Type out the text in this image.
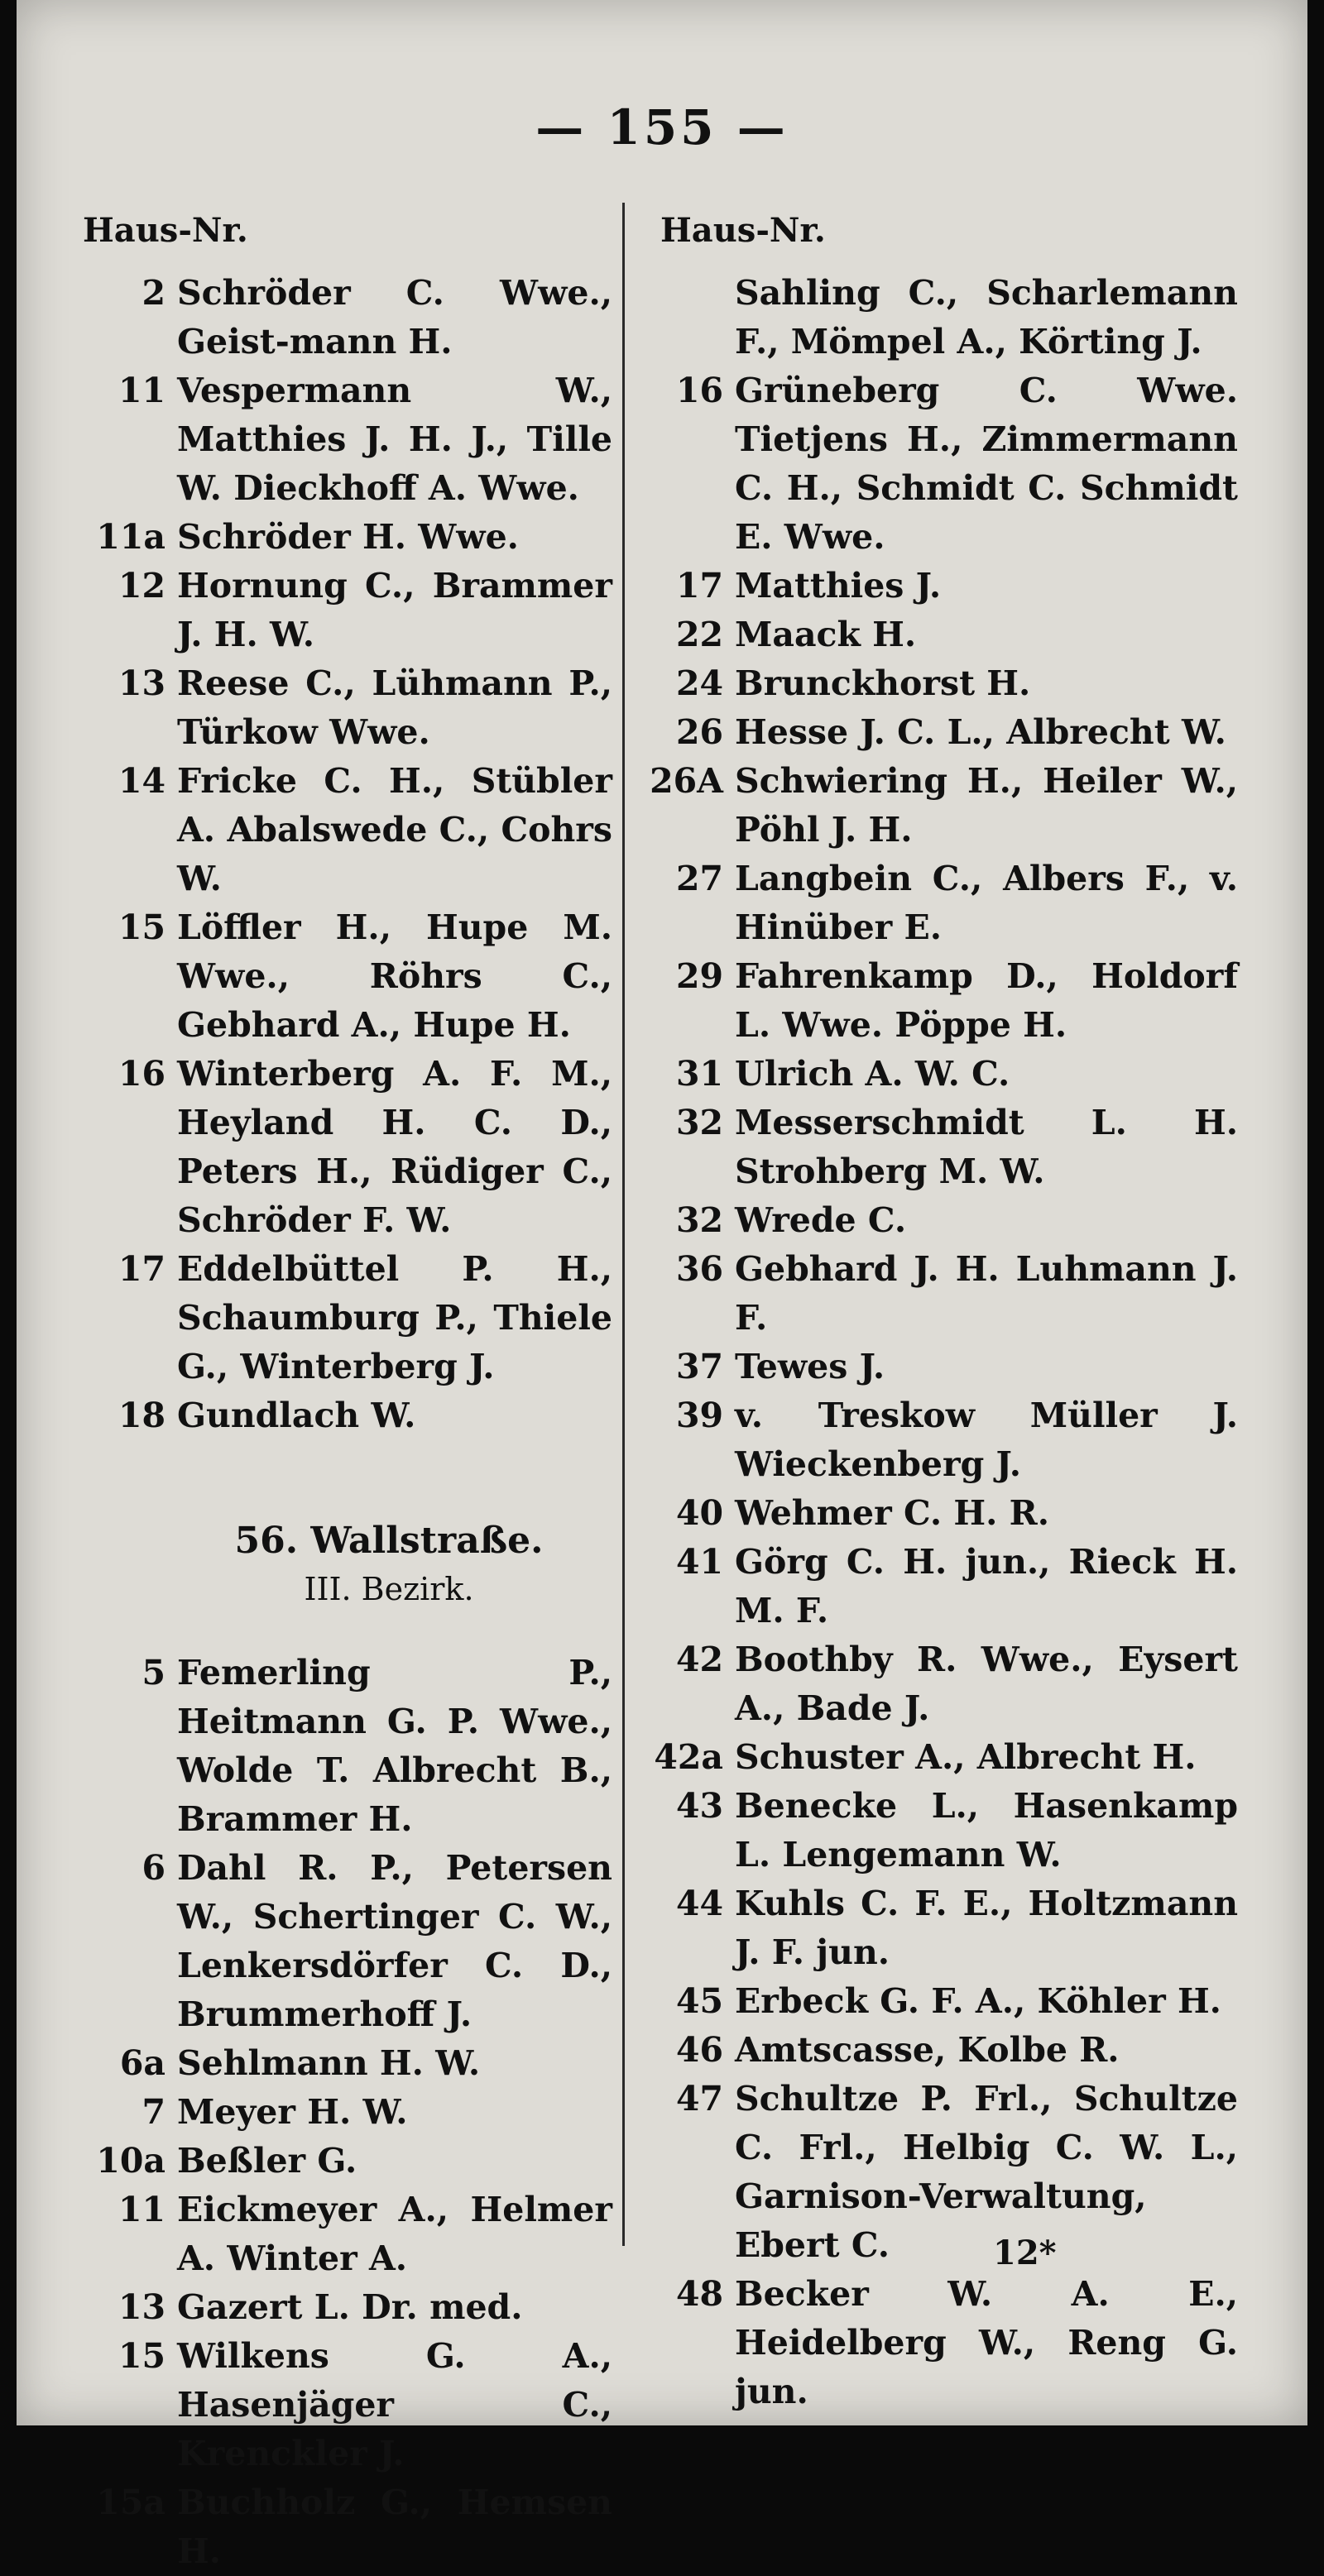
— 155 —
Haus-Nr.	Haus-Nr.
2 Schröder C. Wwe., Geist-mann H.
11 Vespermann W., Matthies J. H. J., Tille W. Dieckhoff A. Wwe.
11a Schröder H. Wwe.
12 Hornung C., Brammer J. H. W.
13 Reese C., Lühmann P., Türkow Wwe.
14 Fricke C. H., Stübler A. Abalswede C., Cohrs W.
15 Löffler H., Hupe M. Wwe., Röhrs C., Gebhard A., Hupe H.
16 Winterberg A. F. M., Heyland H. C. D., Peters H., Rüdiger C., Schröder F. W.
17 Eddelbüttel P. H., Schaumburg P., Thiele G., Winterberg J.
18 Gundlach W.
56. Wallstraße.
III. Bezirk.
5 Femerling P., Heitmann G. P. Wwe., Wolde T. Albrecht B., Brammer H.
6 Dahl R. P., Petersen W., Schertinger C. W., Lenkersdörfer C. D., Brummerhoff J.
6a Sehlmann H. W.
7 Meyer H. W.
10a Beßler G.
11 Eickmeyer A., Helmer A. Winter A.
13 Gazert L. Dr. med.
15 Wilkens G. A., Hasenjäger C., Krenckler J.
15a Buchholz G., Hemsen H.
Sahling C., Scharlemann F., Mömpel A., Körting J.
16 Grüneberg C. Wwe. Tietjens H., Zimmermann C. H., Schmidt C. Schmidt E. Wwe.
17 Matthies J.
22 Maack H.
24 Brunckhorst H.
26 Hesse J. C. L., Albrecht W.
26A Schwiering H., Heiler W., Pöhl J. H.
27 Langbein C., Albers F., v. Hinüber E.
29 Fahrenkamp D., Holdorf L. Wwe. Pöppe H.
31 Ulrich A. W. C.
32 Messerschmidt L. H. Strohberg M. W.
32 Wrede C.
36 Gebhard J. H. Luhmann J. F.
37 Tewes J.
39 v. Treskow Müller J. Wieckenberg J.
40 Wehmer C. H. R.
41 Görg C. H. jun., Rieck H. M. F.
42 Boothby R. Wwe., Eysert A., Bade J.
42a Schuster A., Albrecht H.
43 Benecke L., Hasenkamp L. Lengemann W.
44 Kuhls C. F. E., Holtzmann J. F. jun.
45 Erbeck G. F. A., Köhler H.
46 Amtscasse, Kolbe R.
47 Schultze P. Frl., Schultze C. Frl., Helbig C. W. L., Garnison-Verwaltung, Ebert C.
48 Becker W. A. E., Heidelberg W., Reng G. jun.
12*
